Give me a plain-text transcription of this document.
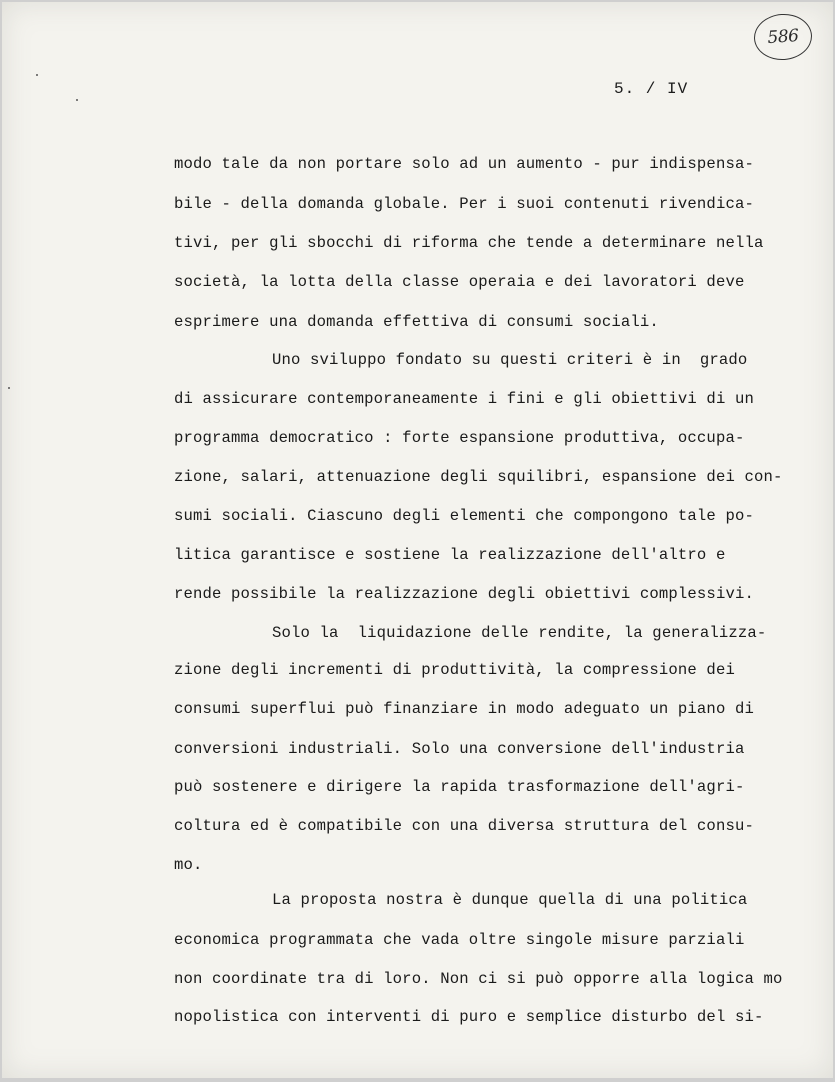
586
5. / IV
modo tale da non portare solo ad un aumento - pur indispensa-
bile - della domanda globale. Per i suoi contenuti rivendica-
tivi, per gli sbocchi di riforma che tende a determinare nella
società, la lotta della classe operaia e dei lavoratori deve
esprimere una domanda effettiva di consumi sociali.
Uno sviluppo fondato su questi criteri è in  grado
di assicurare contemporaneamente i fini e gli obiettivi di un
programma democratico : forte espansione produttiva, occupa-
zione, salari, attenuazione degli squilibri, espansione dei con-
sumi sociali. Ciascuno degli elementi che compongono tale po-
litica garantisce e sostiene la realizzazione dell'altro e
rende possibile la realizzazione degli obiettivi complessivi.
Solo la  liquidazione delle rendite, la generalizza-
zione degli incrementi di produttività, la compressione dei
consumi superflui può finanziare in modo adeguato un piano di
conversioni industriali. Solo una conversione dell'industria
può sostenere e dirigere la rapida trasformazione dell'agri-
coltura ed è compatibile con una diversa struttura del consu-
mo.
La proposta nostra è dunque quella di una politica
economica programmata che vada oltre singole misure parziali
non coordinate tra di loro. Non ci si può opporre alla logica mo
nopolistica con interventi di puro e semplice disturbo del si-
